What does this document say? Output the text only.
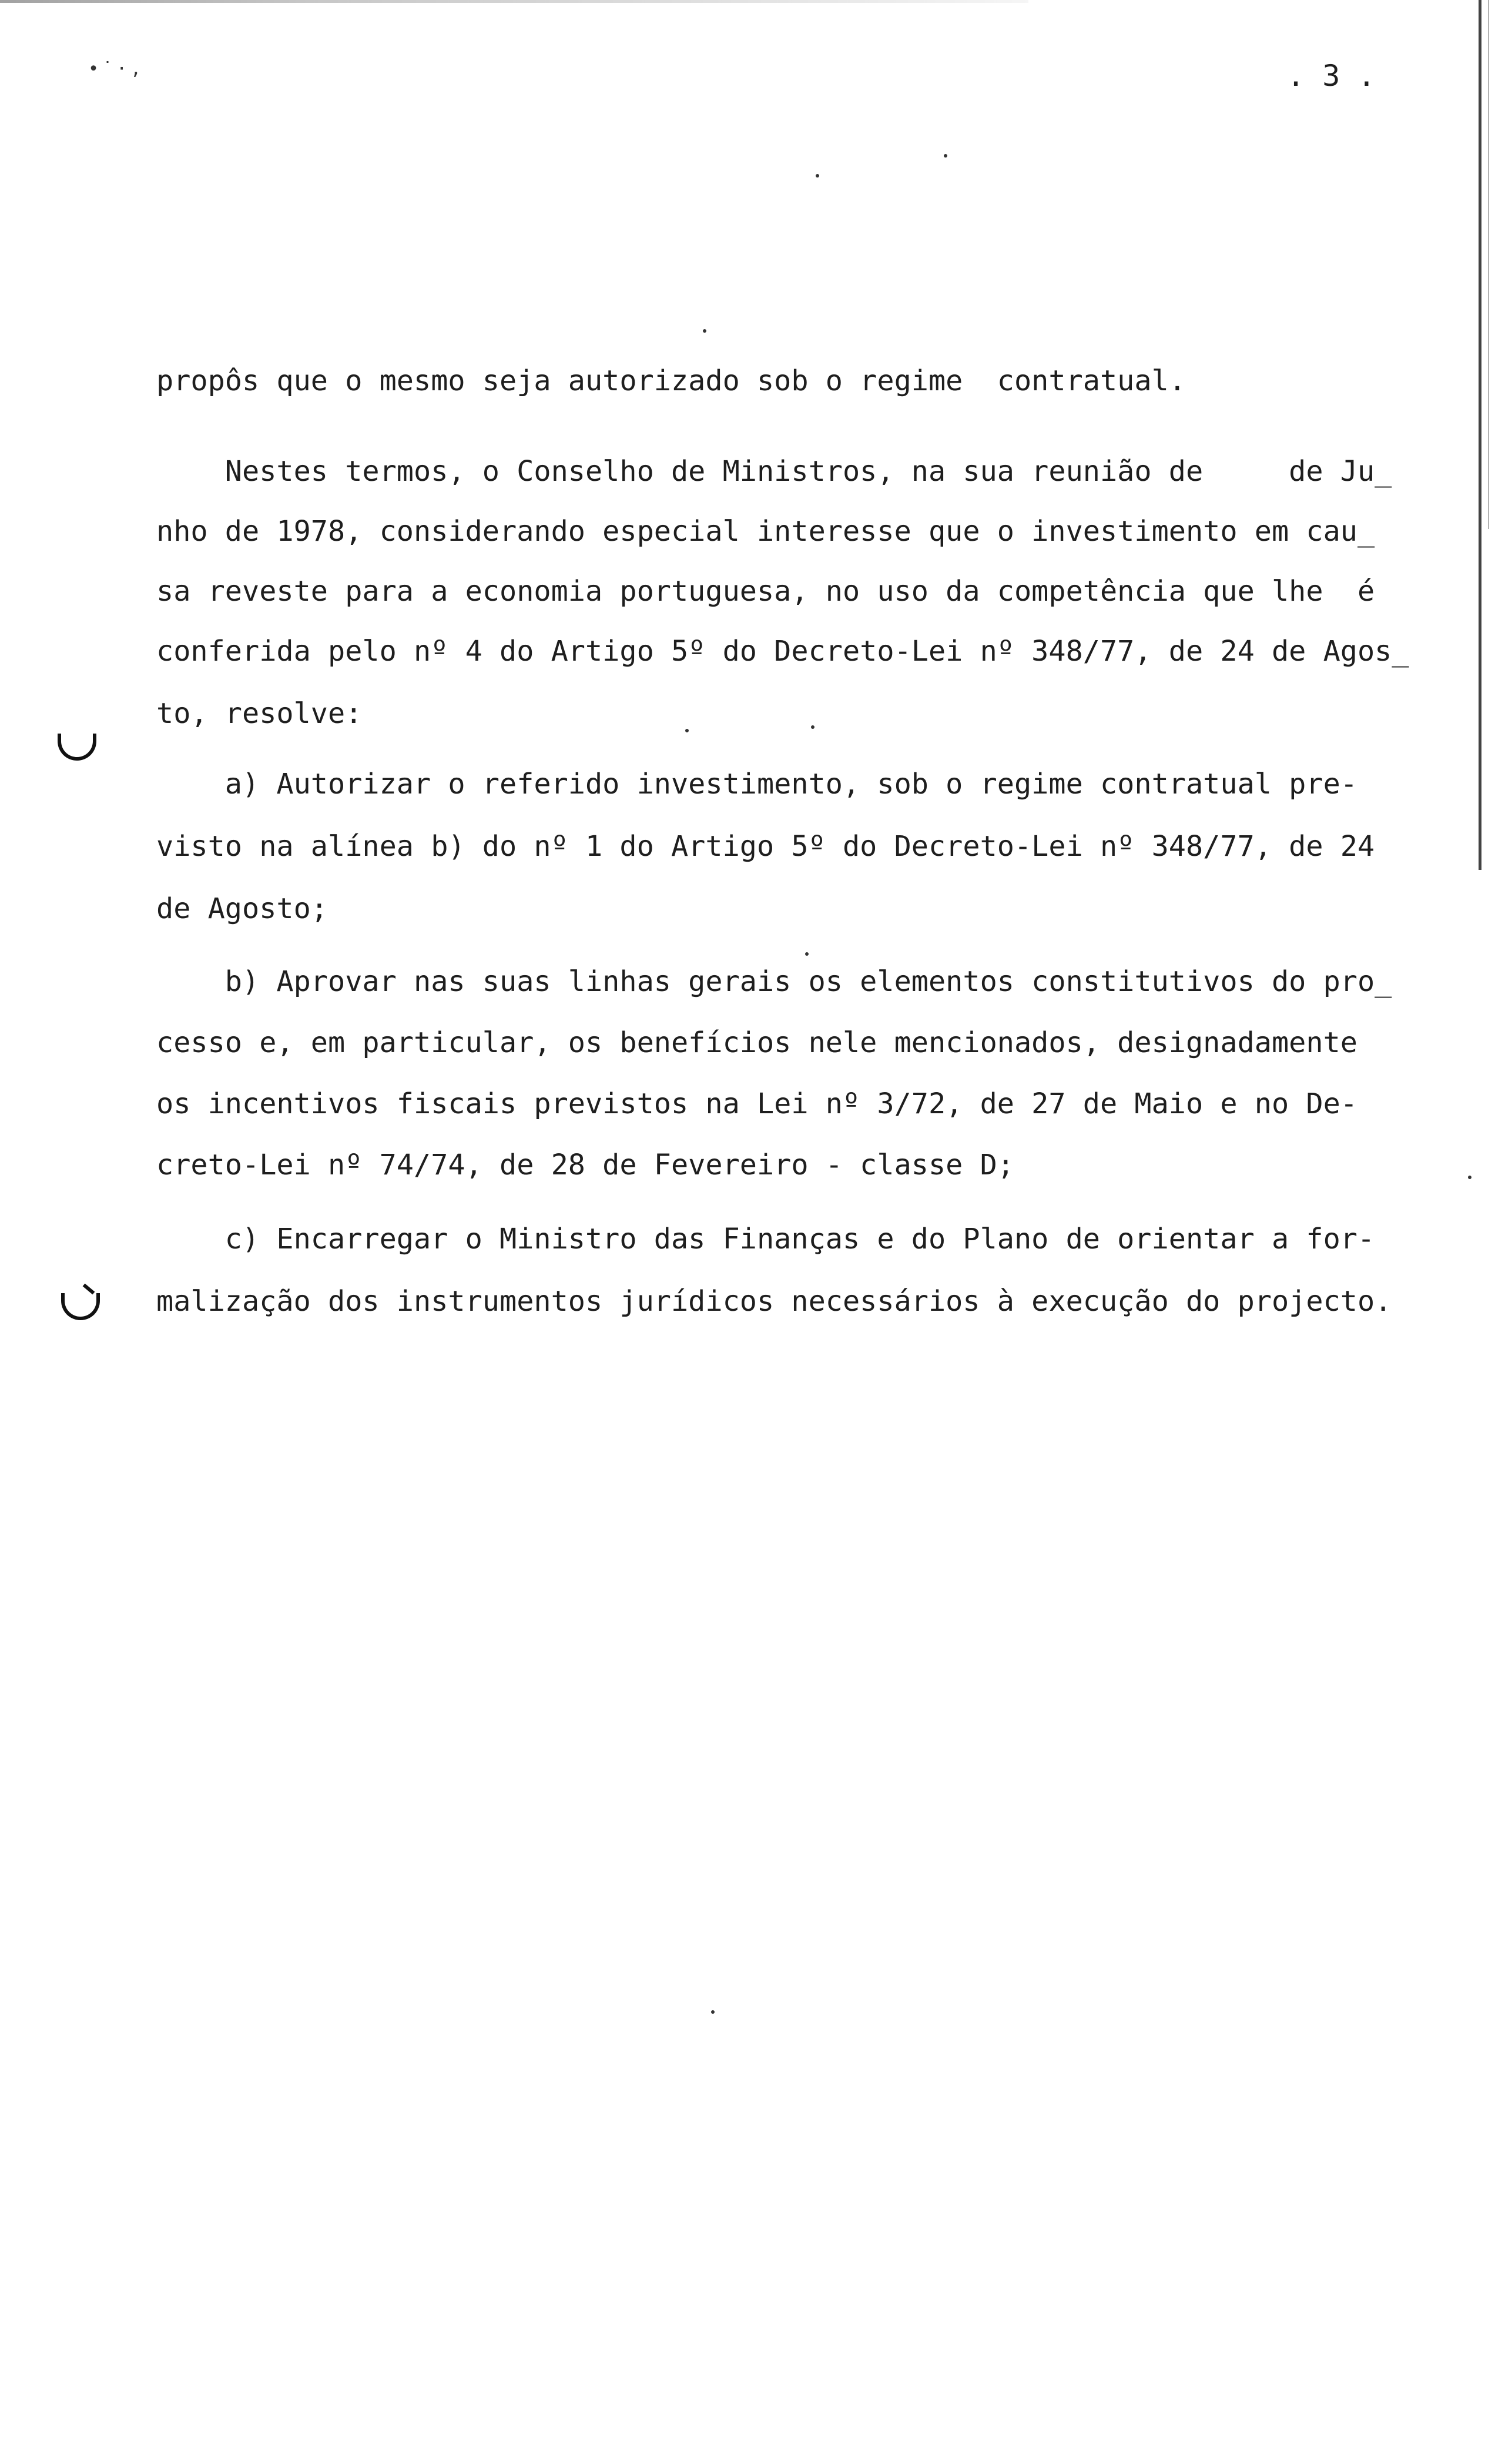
•˙·,	. 3 .
propôs que o mesmo seja autorizado sob o regime  contratual.
Nestes termos, o Conselho de Ministros, na sua reunião de     de Ju_
nho de 1978, considerando especial interesse que o investimento em cau_
sa reveste para a economia portuguesa, no uso da competência que lhe  é
conferida pelo nº 4 do Artigo 5º do Decreto-Lei nº 348/77, de 24 de Agos_
to, resolve:
a) Autorizar o referido investimento, sob o regime contratual pre-
visto na alínea b) do nº 1 do Artigo 5º do Decreto-Lei nº 348/77, de 24
de Agosto;
b) Aprovar nas suas linhas gerais os elementos constitutivos do pro_
cesso e, em particular, os benefícios nele mencionados, designadamente
os incentivos fiscais previstos na Lei nº 3/72, de 27 de Maio e no De-
creto-Lei nº 74/74, de 28 de Fevereiro - classe D;
c) Encarregar o Ministro das Finanças e do Plano de orientar a for-
malização dos instrumentos jurídicos necessários à execução do projecto.
